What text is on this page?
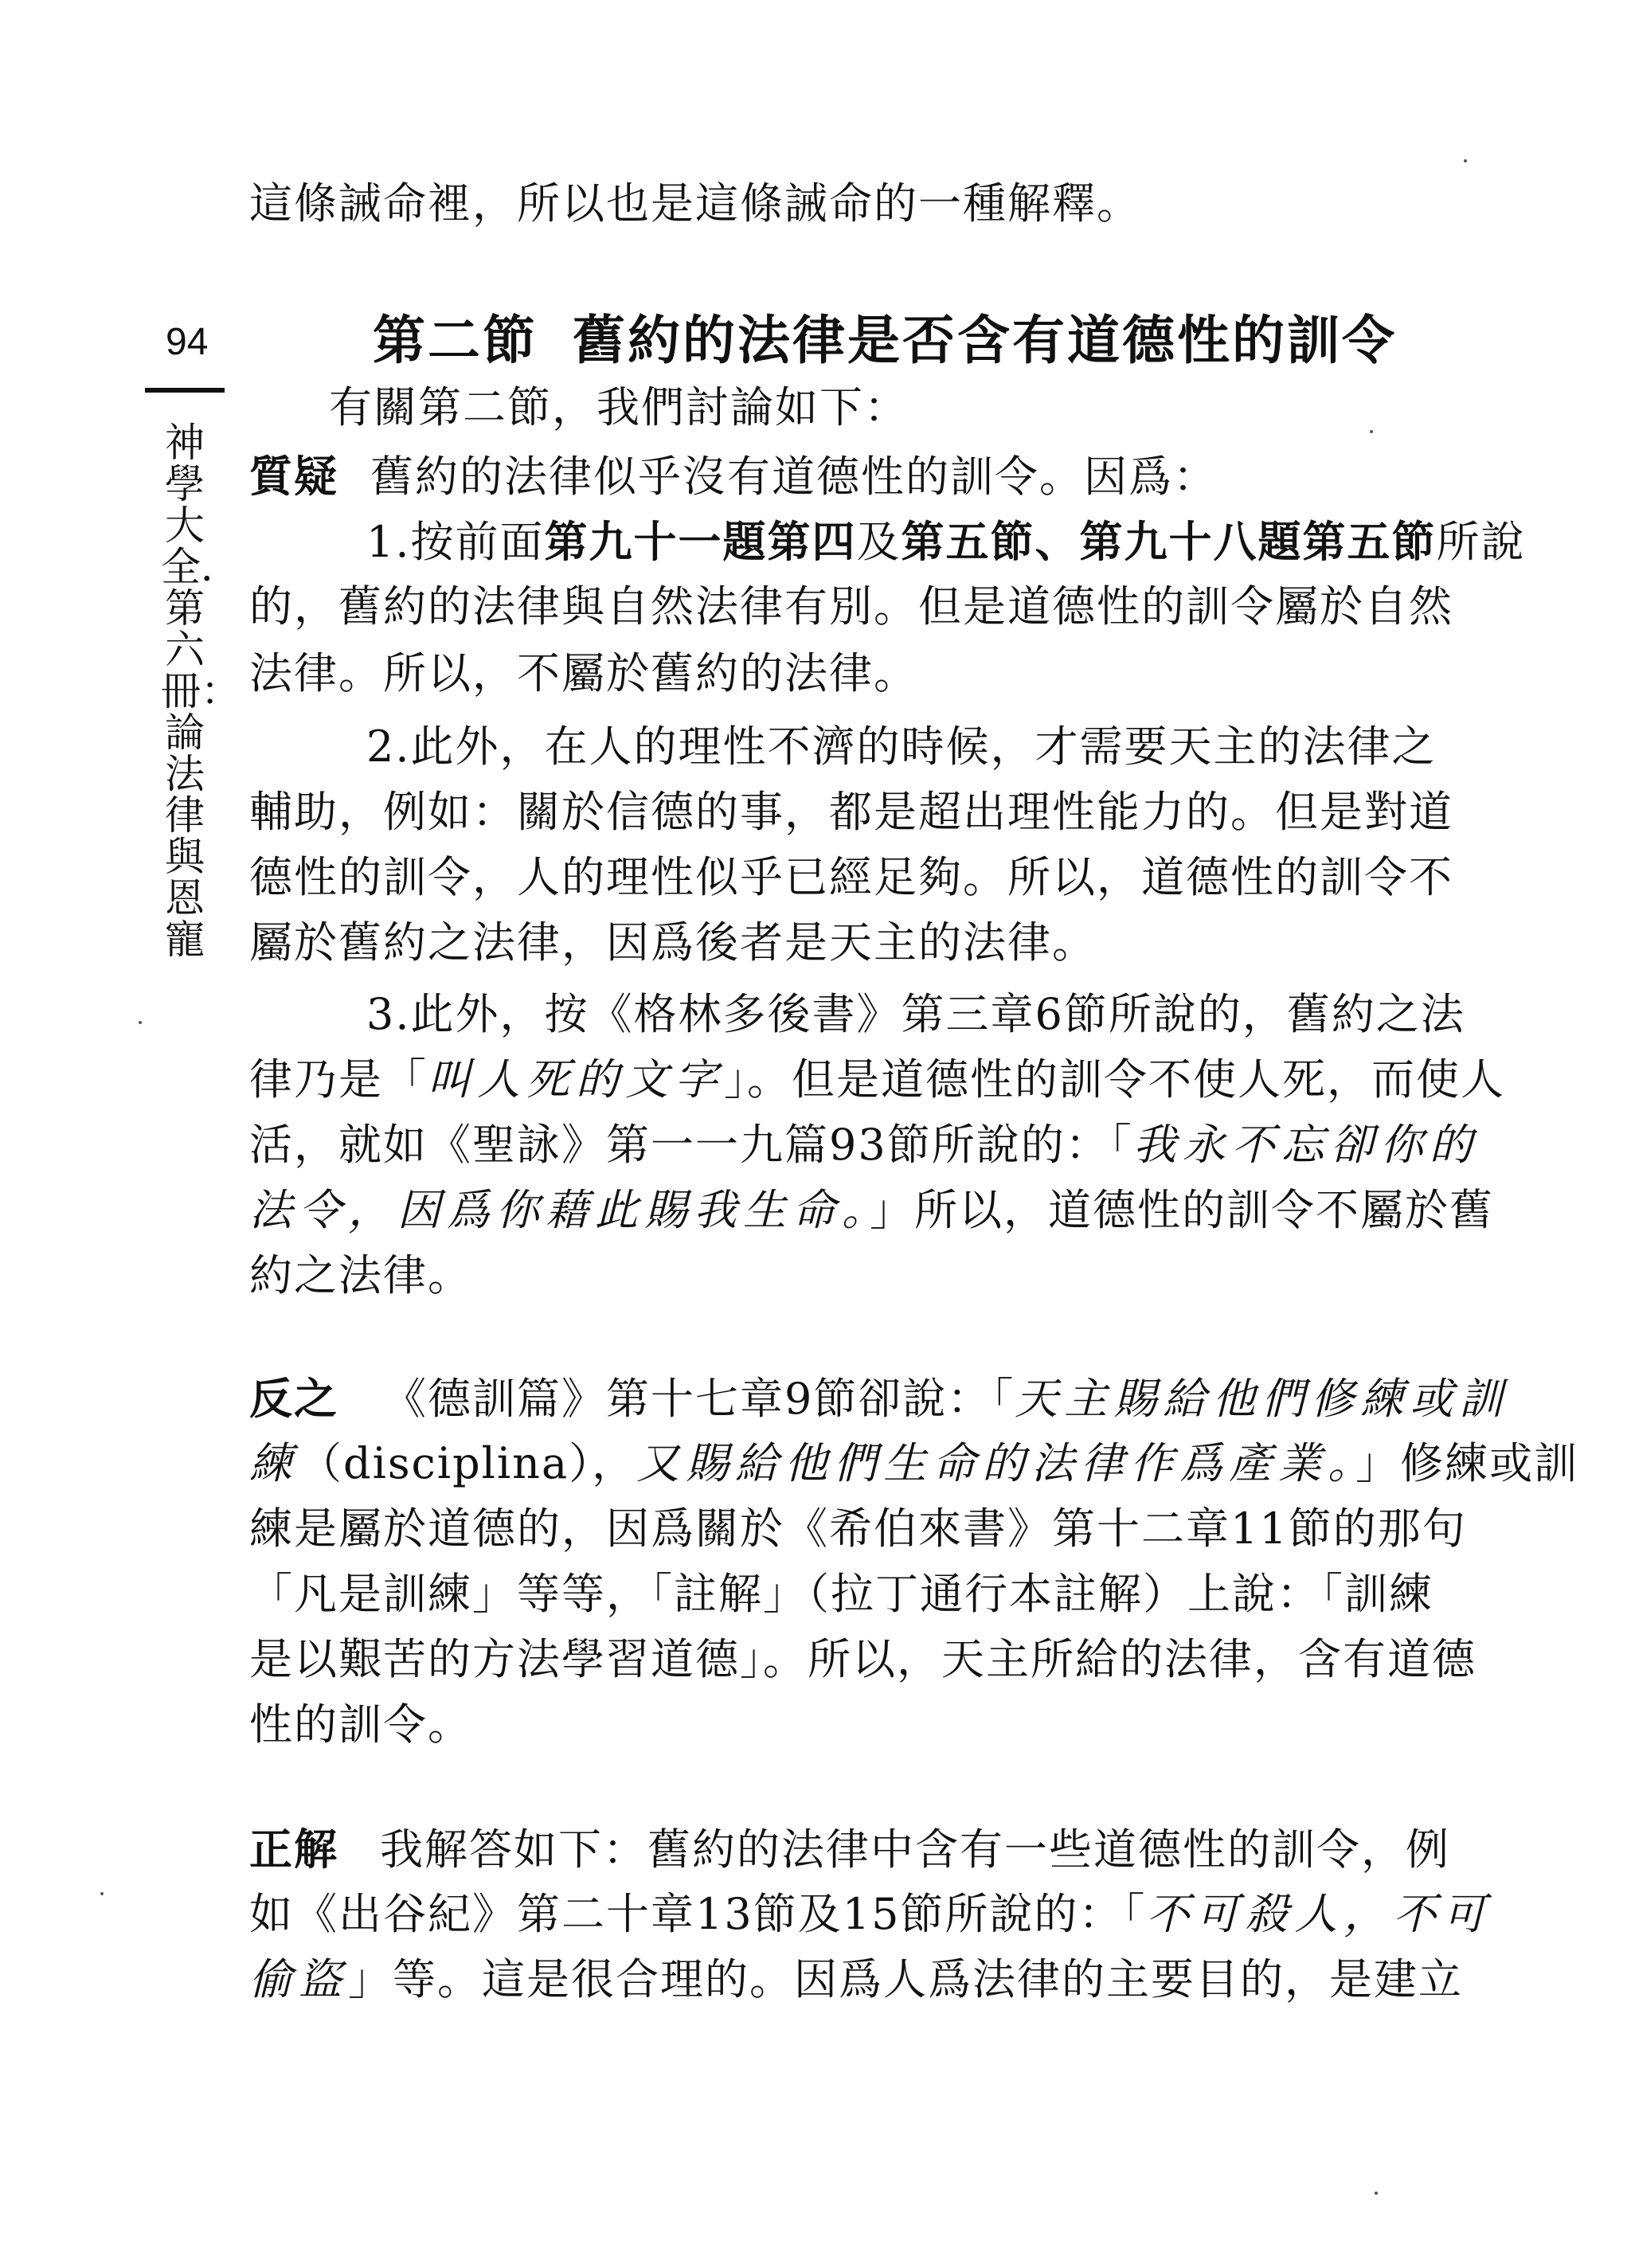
94
神學大全．第六冊：論法律與恩寵
這條誡命裡，所以也是這條誡命的一種解釋。
第二節 舊約的法律是否含有道德性的訓令
有關第二節，我們討論如下：
質疑 舊約的法律似乎沒有道德性的訓令。因爲：
1.按前面第九十一題第四及第五節、第九十八題第五節所說
的，舊約的法律與自然法律有別。但是道德性的訓令屬於自然
法律。所以，不屬於舊約的法律。
2.此外，在人的理性不濟的時候，才需要天主的法律之
輔助，例如：關於信德的事，都是超出理性能力的。但是對道
德性的訓令，人的理性似乎已經足夠。所以，道德性的訓令不
屬於舊約之法律，因爲後者是天主的法律。
3.此外，按《格林多後書》第三章6節所說的，舊約之法
律乃是「叫人死的文字」。但是道德性的訓令不使人死，而使人
活，就如《聖詠》第一一九篇93節所說的：「我永不忘卻你的
法令，因爲你藉此賜我生命。」所以，道德性的訓令不屬於舊
約之法律。
反之 《德訓篇》第十七章9節卻說：「天主賜給他們修練或訓
練（disciplina），又賜給他們生命的法律作爲產業。」修練或訓
練是屬於道德的，因爲關於《希伯來書》第十二章11節的那句
「凡是訓練」等等，「註解」（拉丁通行本註解）上說：「訓練
是以艱苦的方法學習道德」。所以，天主所給的法律，含有道德
性的訓令。
正解 我解答如下：舊約的法律中含有一些道德性的訓令，例
如《出谷紀》第二十章13節及15節所說的：「不可殺人，不可
偷盜」等。這是很合理的。因爲人爲法律的主要目的，是建立
